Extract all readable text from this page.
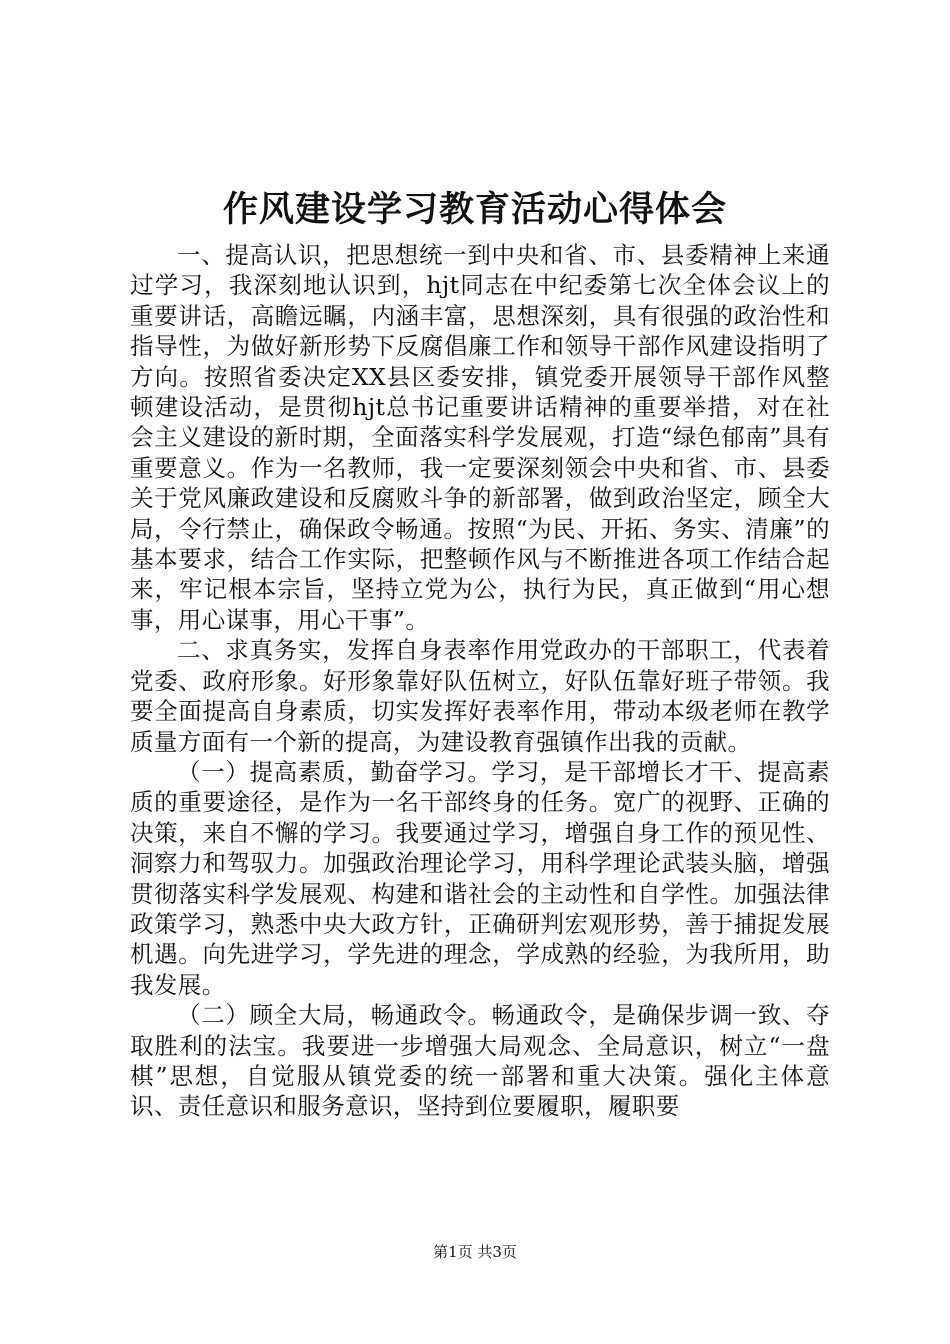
作风建设学习教育活动心得体会

一、提高认识，把思想统一到中央和省、市、县委精神上来通过学习，我深刻地认识到，hjt同志在中纪委第七次全体会议上的重要讲话，高瞻远瞩，内涵丰富，思想深刻，具有很强的政治性和指导性，为做好新形势下反腐倡廉工作和领导干部作风建设指明了方向。按照省委决定XX县区委安排，镇党委开展领导干部作风整顿建设活动，是贯彻hjt总书记重要讲话精神的重要举措，对在社会主义建设的新时期，全面落实科学发展观，打造“绿色郁南”具有重要意义。作为一名教师，我一定要深刻领会中央和省、市、县委关于党风廉政建设和反腐败斗争的新部署，做到政治坚定，顾全大局，令行禁止，确保政令畅通。按照“为民、开拓、务实、清廉”的基本要求，结合工作实际，把整顿作风与不断推进各项工作结合起来，牢记根本宗旨，坚持立党为公，执行为民，真正做到“用心想事，用心谋事，用心干事”。

二、求真务实，发挥自身表率作用党政办的干部职工，代表着党委、政府形象。好形象靠好队伍树立，好队伍靠好班子带领。我要全面提高自身素质，切实发挥好表率作用，带动本级老师在教学质量方面有一个新的提高，为建设教育强镇作出我的贡献。

（一）提高素质，勤奋学习。学习，是干部增长才干、提高素质的重要途径，是作为一名干部终身的任务。宽广的视野、正确的决策，来自不懈的学习。我要通过学习，增强自身工作的预见性、洞察力和驾驭力。加强政治理论学习，用科学理论武装头脑，增强贯彻落实科学发展观、构建和谐社会的主动性和自学性。加强法律政策学习，熟悉中央大政方针，正确研判宏观形势，善于捕捉发展机遇。向先进学习，学先进的理念，学成熟的经验，为我所用，助我发展。

（二）顾全大局，畅通政令。畅通政令，是确保步调一致、夺取胜利的法宝。我要进一步增强大局观念、全局意识，树立“一盘棋”思想，自觉服从镇党委的统一部署和重大决策。强化主体意识、责任意识和服务意识，坚持到位要履职，履职要

第1页 共3页
